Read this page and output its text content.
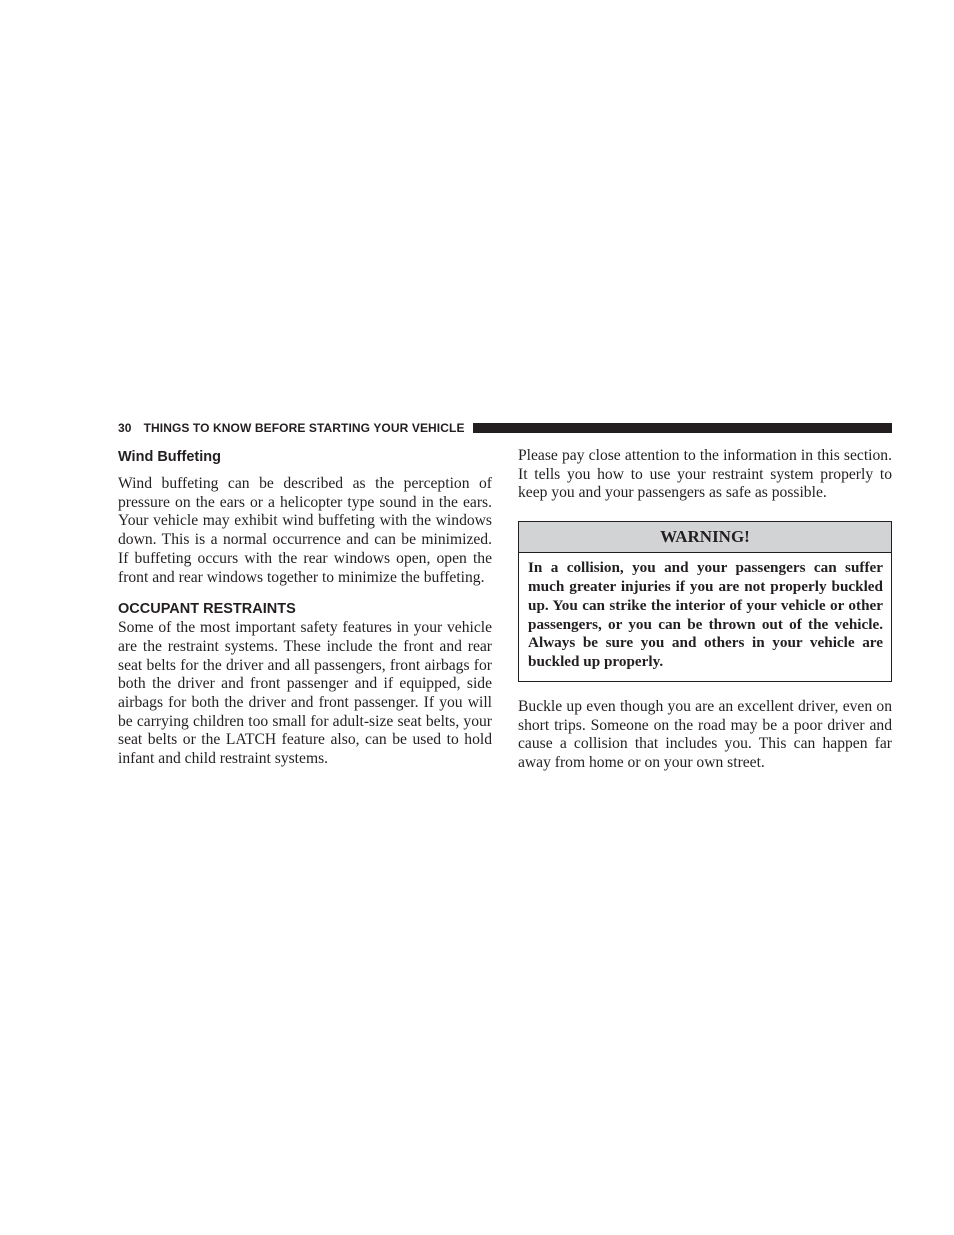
30 THINGS TO KNOW BEFORE STARTING YOUR VEHICLE
Wind Buffeting

Wind buffeting can be described as the perception of pressure on the ears or a helicopter type sound in the ears. Your vehicle may exhibit wind buffeting with the windows down. This is a normal occurrence and can be minimized. If buffeting occurs with the rear windows open, open the front and rear windows together to minimize the buffeting.

OCCUPANT RESTRAINTS

Some of the most important safety features in your vehicle are the restraint systems. These include the front and rear seat belts for the driver and all passengers, front airbags for both the driver and front passenger and if equipped, side airbags for both the driver and front passenger. If you will be carrying children too small for adult-size seat belts, your seat belts or the LATCH feature also, can be used to hold infant and child restraint systems.

Please pay close attention to the information in this section. It tells you how to use your restraint system properly to keep you and your passengers as safe as possible.

WARNING!
In a collision, you and your passengers can suffer much greater injuries if you are not properly buckled up. You can strike the interior of your vehicle or other passengers, or you can be thrown out of the vehicle. Always be sure you and others in your vehicle are buckled up properly.

Buckle up even though you are an excellent driver, even on short trips. Someone on the road may be a poor driver and cause a collision that includes you. This can happen far away from home or on your own street.
